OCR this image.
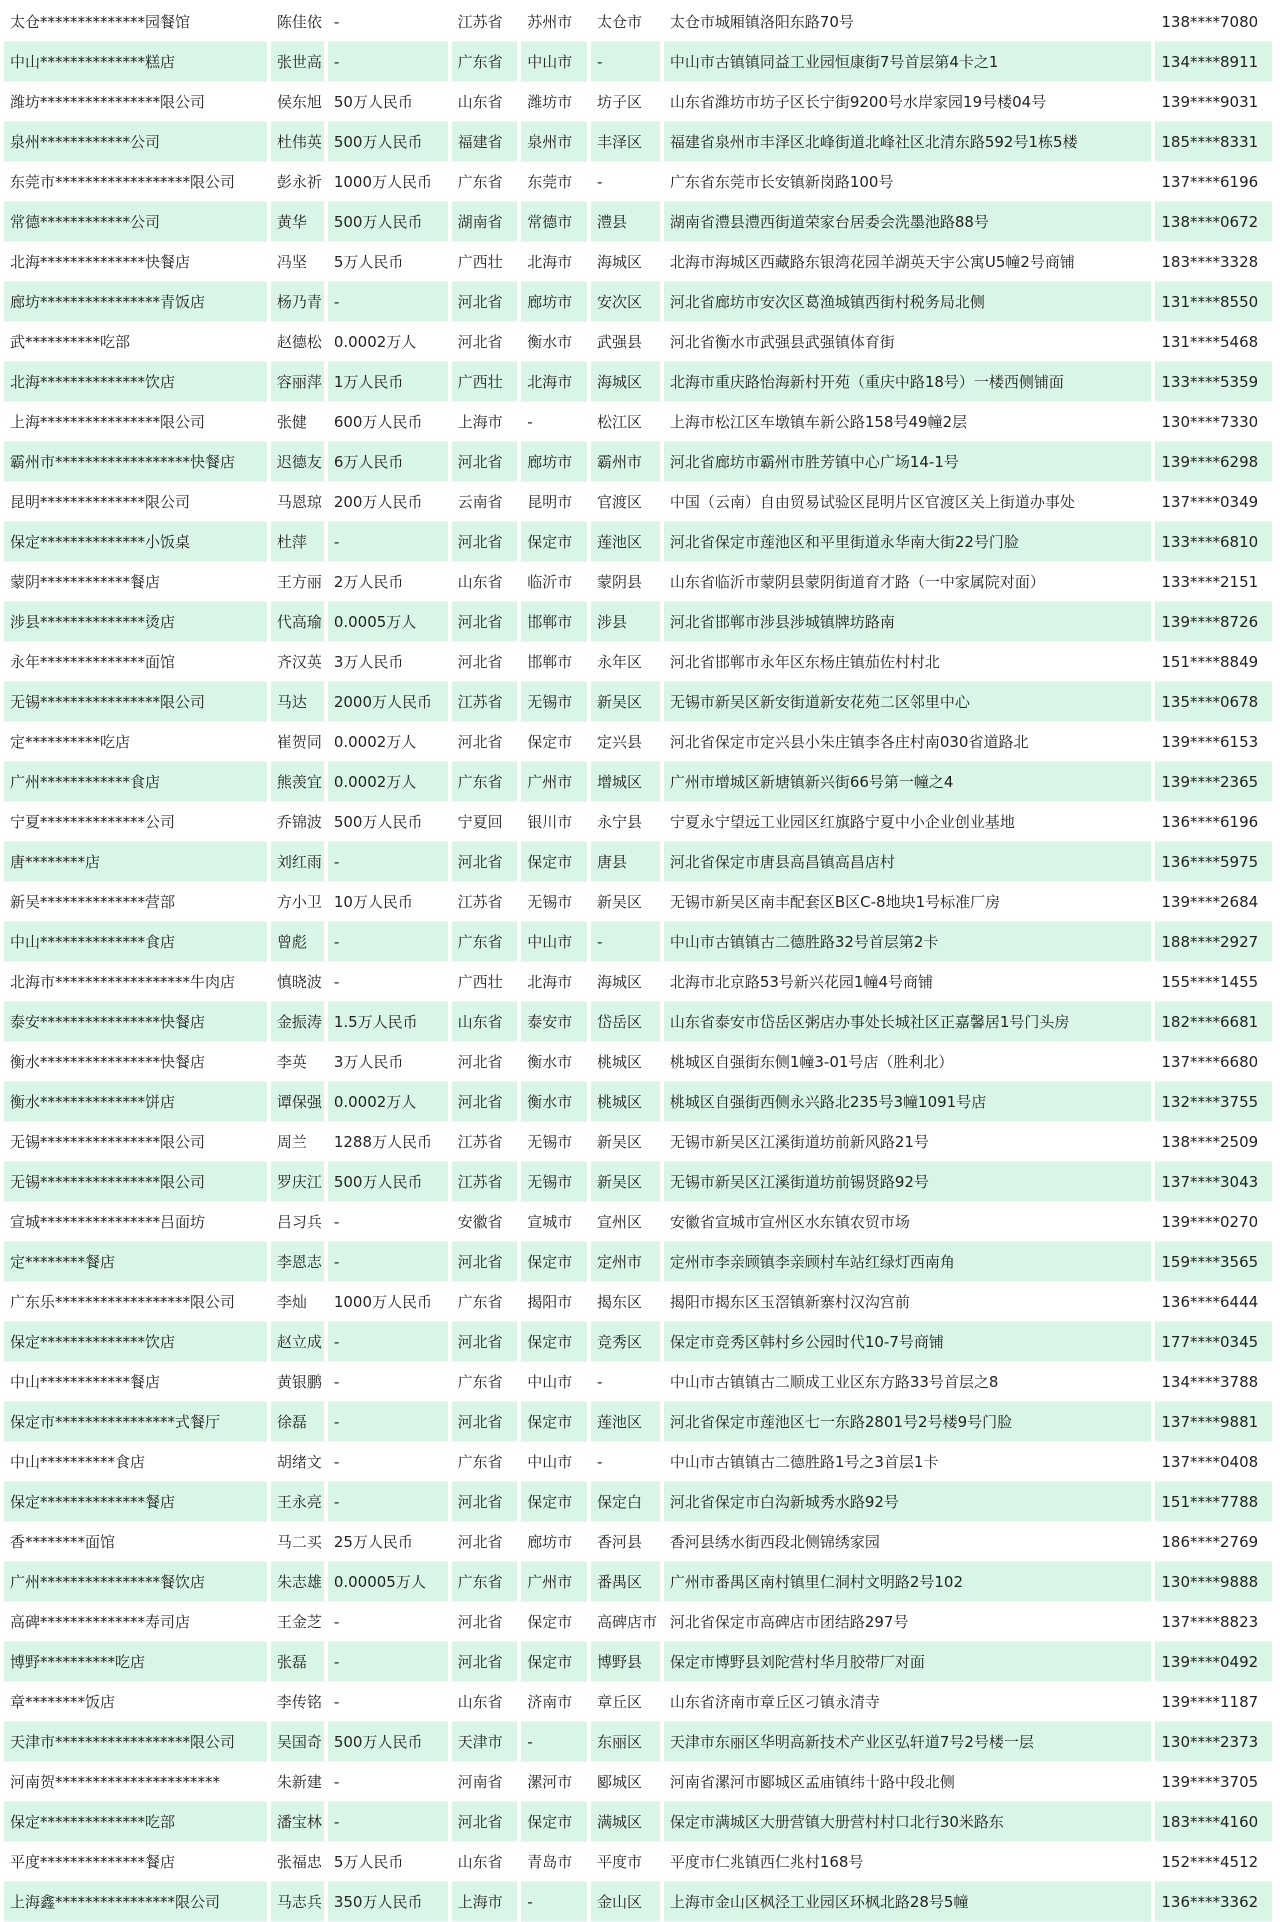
太仓**************园餐馆	陈佳依	-	江苏省	苏州市	太仓市	太仓市城厢镇洛阳东路70号	138****7080
中山**************糕店	张世高	-	广东省	中山市	-	中山市古镇镇同益工业园恒康街7号首层第4卡之1	134****8911
潍坊****************限公司	侯东旭	50万人民币	山东省	潍坊市	坊子区	山东省潍坊市坊子区长宁街9200号水岸家园19号楼04号	139****9031
泉州************公司	杜伟英	500万人民币	福建省	泉州市	丰泽区	福建省泉州市丰泽区北峰街道北峰社区北清东路592号1栋5楼	185****8331
东莞市******************限公司	彭永祈	1000万人民币	广东省	东莞市	-	广东省东莞市长安镇新岗路100号	137****6196
常德************公司	黄华	500万人民币	湖南省	常德市	澧县	湖南省澧县澧西街道荣家台居委会洗墨池路88号	138****0672
北海**************快餐店	冯坚	5万人民币	广西壮	北海市	海城区	北海市海城区西藏路东银湾花园羊湖英天宇公寓U5幢2号商铺	183****3328
廊坊****************青饭店	杨乃青	-	河北省	廊坊市	安次区	河北省廊坊市安次区葛渔城镇西街村税务局北侧	131****8550
武**********吃部	赵德松	0.0002万人	河北省	衡水市	武强县	河北省衡水市武强县武强镇体育街	131****5468
北海**************饮店	容丽萍	1万人民币	广西壮	北海市	海城区	北海市重庆路怡海新村开苑（重庆中路18号）一楼西侧铺面	133****5359
上海****************限公司	张健	600万人民币	上海市	-	松江区	上海市松江区车墩镇车新公路158号49幢2层	130****7330
霸州市******************快餐店	迟德友	6万人民币	河北省	廊坊市	霸州市	河北省廊坊市霸州市胜芳镇中心广场14-1号	139****6298
昆明**************限公司	马恩琼	200万人民币	云南省	昆明市	官渡区	中国（云南）自由贸易试验区昆明片区官渡区关上街道办事处	137****0349
保定**************小饭桌	杜萍	-	河北省	保定市	莲池区	河北省保定市莲池区和平里街道永华南大街22号门脸	133****6810
蒙阴************餐店	王方丽	2万人民币	山东省	临沂市	蒙阴县	山东省临沂市蒙阴县蒙阴街道育才路（一中家属院对面）	133****2151
涉县**************烫店	代高瑜	0.0005万人	河北省	邯郸市	涉县	河北省邯郸市涉县涉城镇牌坊路南	139****8726
永年**************面馆	齐汉英	3万人民币	河北省	邯郸市	永年区	河北省邯郸市永年区东杨庄镇茄佐村村北	151****8849
无锡****************限公司	马达	2000万人民币	江苏省	无锡市	新吴区	无锡市新吴区新安街道新安花苑二区邻里中心	135****0678
定**********吃店	崔贺同	0.0002万人	河北省	保定市	定兴县	河北省保定市定兴县小朱庄镇李各庄村南030省道路北	139****6153
广州************食店	熊羡宜	0.0002万人	广东省	广州市	增城区	广州市增城区新塘镇新兴街66号第一幢之4	139****2365
宁夏**************公司	乔锦波	500万人民币	宁夏回	银川市	永宁县	宁夏永宁望远工业园区红旗路宁夏中小企业创业基地	136****6196
唐********店	刘红雨	-	河北省	保定市	唐县	河北省保定市唐县高昌镇高昌店村	136****5975
新吴**************营部	方小卫	10万人民币	江苏省	无锡市	新吴区	无锡市新吴区南丰配套区B区C-8地块1号标准厂房	139****2684
中山**************食店	曾彪	-	广东省	中山市	-	中山市古镇镇古二德胜路32号首层第2卡	188****2927
北海市******************牛肉店	慎晓波	-	广西壮	北海市	海城区	北海市北京路53号新兴花园1幢4号商铺	155****1455
泰安****************快餐店	金振涛	1.5万人民币	山东省	泰安市	岱岳区	山东省泰安市岱岳区粥店办事处长城社区正嘉馨居1号门头房	182****6681
衡水****************快餐店	李英	3万人民币	河北省	衡水市	桃城区	桃城区自强街东侧1幢3-01号店（胜利北）	137****6680
衡水**************饼店	谭保强	0.0002万人	河北省	衡水市	桃城区	桃城区自强街西侧永兴路北235号3幢1091号店	132****3755
无锡****************限公司	周兰	1288万人民币	江苏省	无锡市	新吴区	无锡市新吴区江溪街道坊前新风路21号	138****2509
无锡****************限公司	罗庆江	500万人民币	江苏省	无锡市	新吴区	无锡市新吴区江溪街道坊前锡贤路92号	137****3043
宣城****************吕面坊	吕习兵	-	安徽省	宣城市	宣州区	安徽省宣城市宣州区水东镇农贸市场	139****0270
定********餐店	李恩志	-	河北省	保定市	定州市	定州市李亲顾镇李亲顾村车站红绿灯西南角	159****3565
广东乐******************限公司	李灿	1000万人民币	广东省	揭阳市	揭东区	揭阳市揭东区玉滘镇新寨村汉沟宫前	136****6444
保定**************饮店	赵立成	-	河北省	保定市	竞秀区	保定市竞秀区韩村乡公园时代10-7号商铺	177****0345
中山************餐店	黄银鹏	-	广东省	中山市	-	中山市古镇镇古二顺成工业区东方路33号首层之8	134****3788
保定市****************式餐厅	徐磊	-	河北省	保定市	莲池区	河北省保定市莲池区七一东路2801号2号楼9号门脸	137****9881
中山**********食店	胡绪文	-	广东省	中山市	-	中山市古镇镇古二德胜路1号之3首层1卡	137****0408
保定**************餐店	王永亮	-	河北省	保定市	保定白	河北省保定市白沟新城秀水路92号	151****7788
香********面馆	马二买	25万人民币	河北省	廊坊市	香河县	香河县绣水街西段北侧锦绣家园	186****2769
广州****************餐饮店	朱志雄	0.00005万人	广东省	广州市	番禺区	广州市番禺区南村镇里仁洞村文明路2号102	130****9888
高碑**************寿司店	王金芝	-	河北省	保定市	高碑店市	河北省保定市高碑店市团结路297号	137****8823
博野**********吃店	张磊	-	河北省	保定市	博野县	保定市博野县刘陀营村华月胶带厂对面	139****0492
章********饭店	李传铭	-	山东省	济南市	章丘区	山东省济南市章丘区刁镇永清寺	139****1187
天津市******************限公司	吴国奇	500万人民币	天津市	-	东丽区	天津市东丽区华明高新技术产业区弘轩道7号2号楼一层	130****2373
河南贺**********************	朱新建	-	河南省	漯河市	郾城区	河南省漯河市郾城区孟庙镇纬十路中段北侧	139****3705
保定**************吃部	潘宝林	-	河北省	保定市	满城区	保定市满城区大册营镇大册营村村口北行30米路东	183****4160
平度**************餐店	张福忠	5万人民币	山东省	青岛市	平度市	平度市仁兆镇西仁兆村168号	152****4512
上海鑫****************限公司	马志兵	350万人民币	上海市	-	金山区	上海市金山区枫泾工业园区环枫北路28号5幢	136****3362
